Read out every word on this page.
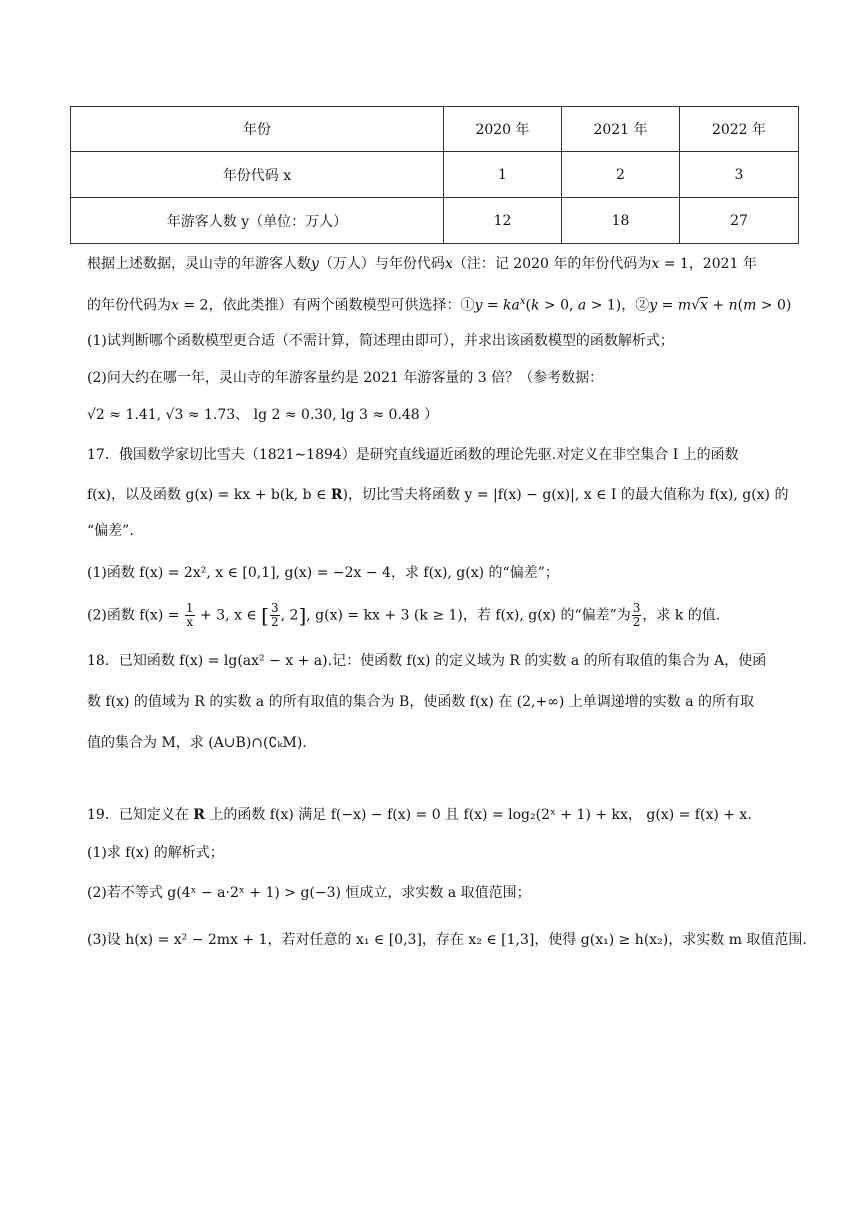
年份	2020 年	2021 年	2022 年
年份代码 x	1	2	3
年游客人数 y（单位：万人）	12	18	27
根据上述数据，灵山寺的年游客人数y（万人）与年份代码x（注：记 2020 年的年份代码为x = 1，2021 年
的年份代码为x = 2，依此类推）有两个函数模型可供选择：①y = $ka^x(k > 0$, a > 1)，②y = m√x + n(m > 0)
(1)试判断哪个函数模型更合适（不需计算，简述理由即可），并求出该函数模型的函数解析式；
(2)问大约在哪一年，灵山寺的年游客量约是 2021 年游客量的 3 倍？（参考数据：
√2 ≈ 1.41, √3 ≈ 1.73、 lg 2 ≈ 0.30, lg 3 ≈ 0.48 ）
17．俄国数学家切比雪夫（1821∼1894）是研究直线逼近函数的理论先驱.对定义在非空集合 I 上的函数
f(x)，以及函数 g(x) = kx + b(k, b ∈ R)，切比雪夫将函数 y = |f(x) − g(x)|, x ∈ I 的最大值称为 f(x), g(x) 的
“偏差”.
(1)函数 f(x) = 2x², x ∈ [0,1], g(x) = −2x − 4，求 f(x), g(x) 的“偏差”；
(2)函数 $f(x) = \frac{1}{x} + 3$, x ∈ [ $\frac{3}{2}$ , 2], g(x) = kx + 3 (k ≥ 1)，若 f(x), g(x) 的“偏差”为 $\frac{3}{2}$ ，求 k 的值.
18．已知函数 f(x) = lg(ax² − x + a).记：使函数 f(x) 的定义域为 R 的实数 a 的所有取值的集合为 A，使函
数 f(x) 的值域为 R 的实数 a 的所有取值的集合为 B，使函数 f(x) 在 (2,+∞) 上单调递增的实数 a 的所有取
值的集合为 M，求 (A∪B)∩(∁ₖM).
19．已知定义在 R 上的函数 f(x) 满足 f(−x) − f(x) = 0 且 f(x) = log₂(2ˣ + 1) + kx， g(x) = f(x) + x.
(1)求 f(x) 的解析式；
(2)若不等式 g(4ˣ − a·2ˣ + 1) > g(−3) 恒成立，求实数 a 取值范围；
(3)设 h(x) = x² − 2mx + 1，若对任意的 x₁ ∈ [0,3]，存在 x₂ ∈ [1,3]，使得 g(x₁) ≥ h(x₂)，求实数 m 取值范围.
